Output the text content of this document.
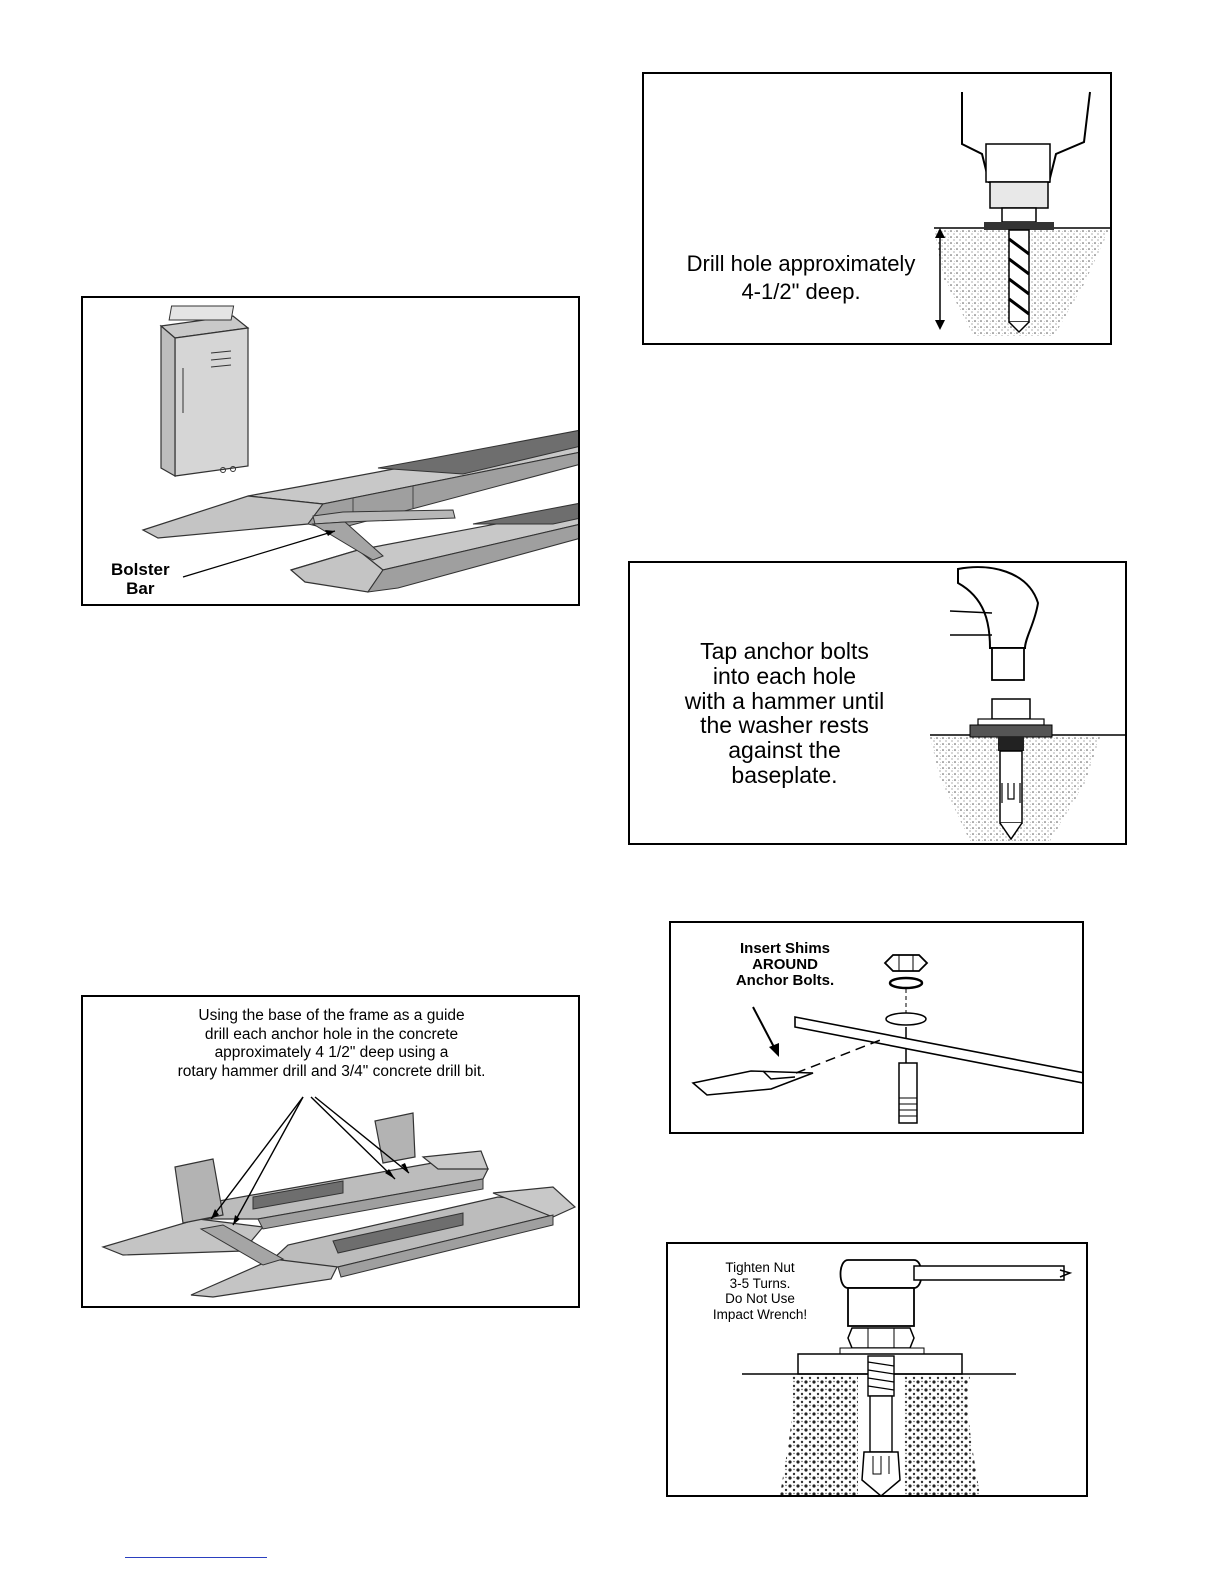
Bolster
Bar
Drill hole approximately
4-1/2" deep.
Tap anchor bolts
into each hole
with a hammer until
the washer rests
against the
baseplate.
Insert Shims
AROUND
Anchor Bolts.
Using the base of the frame as a guide
drill each anchor hole in the concrete
approximately 4 1/2" deep using a
rotary hammer drill and 3/4" concrete drill bit.
Tighten Nut
3-5 Turns.
Do Not Use
Impact Wrench!
